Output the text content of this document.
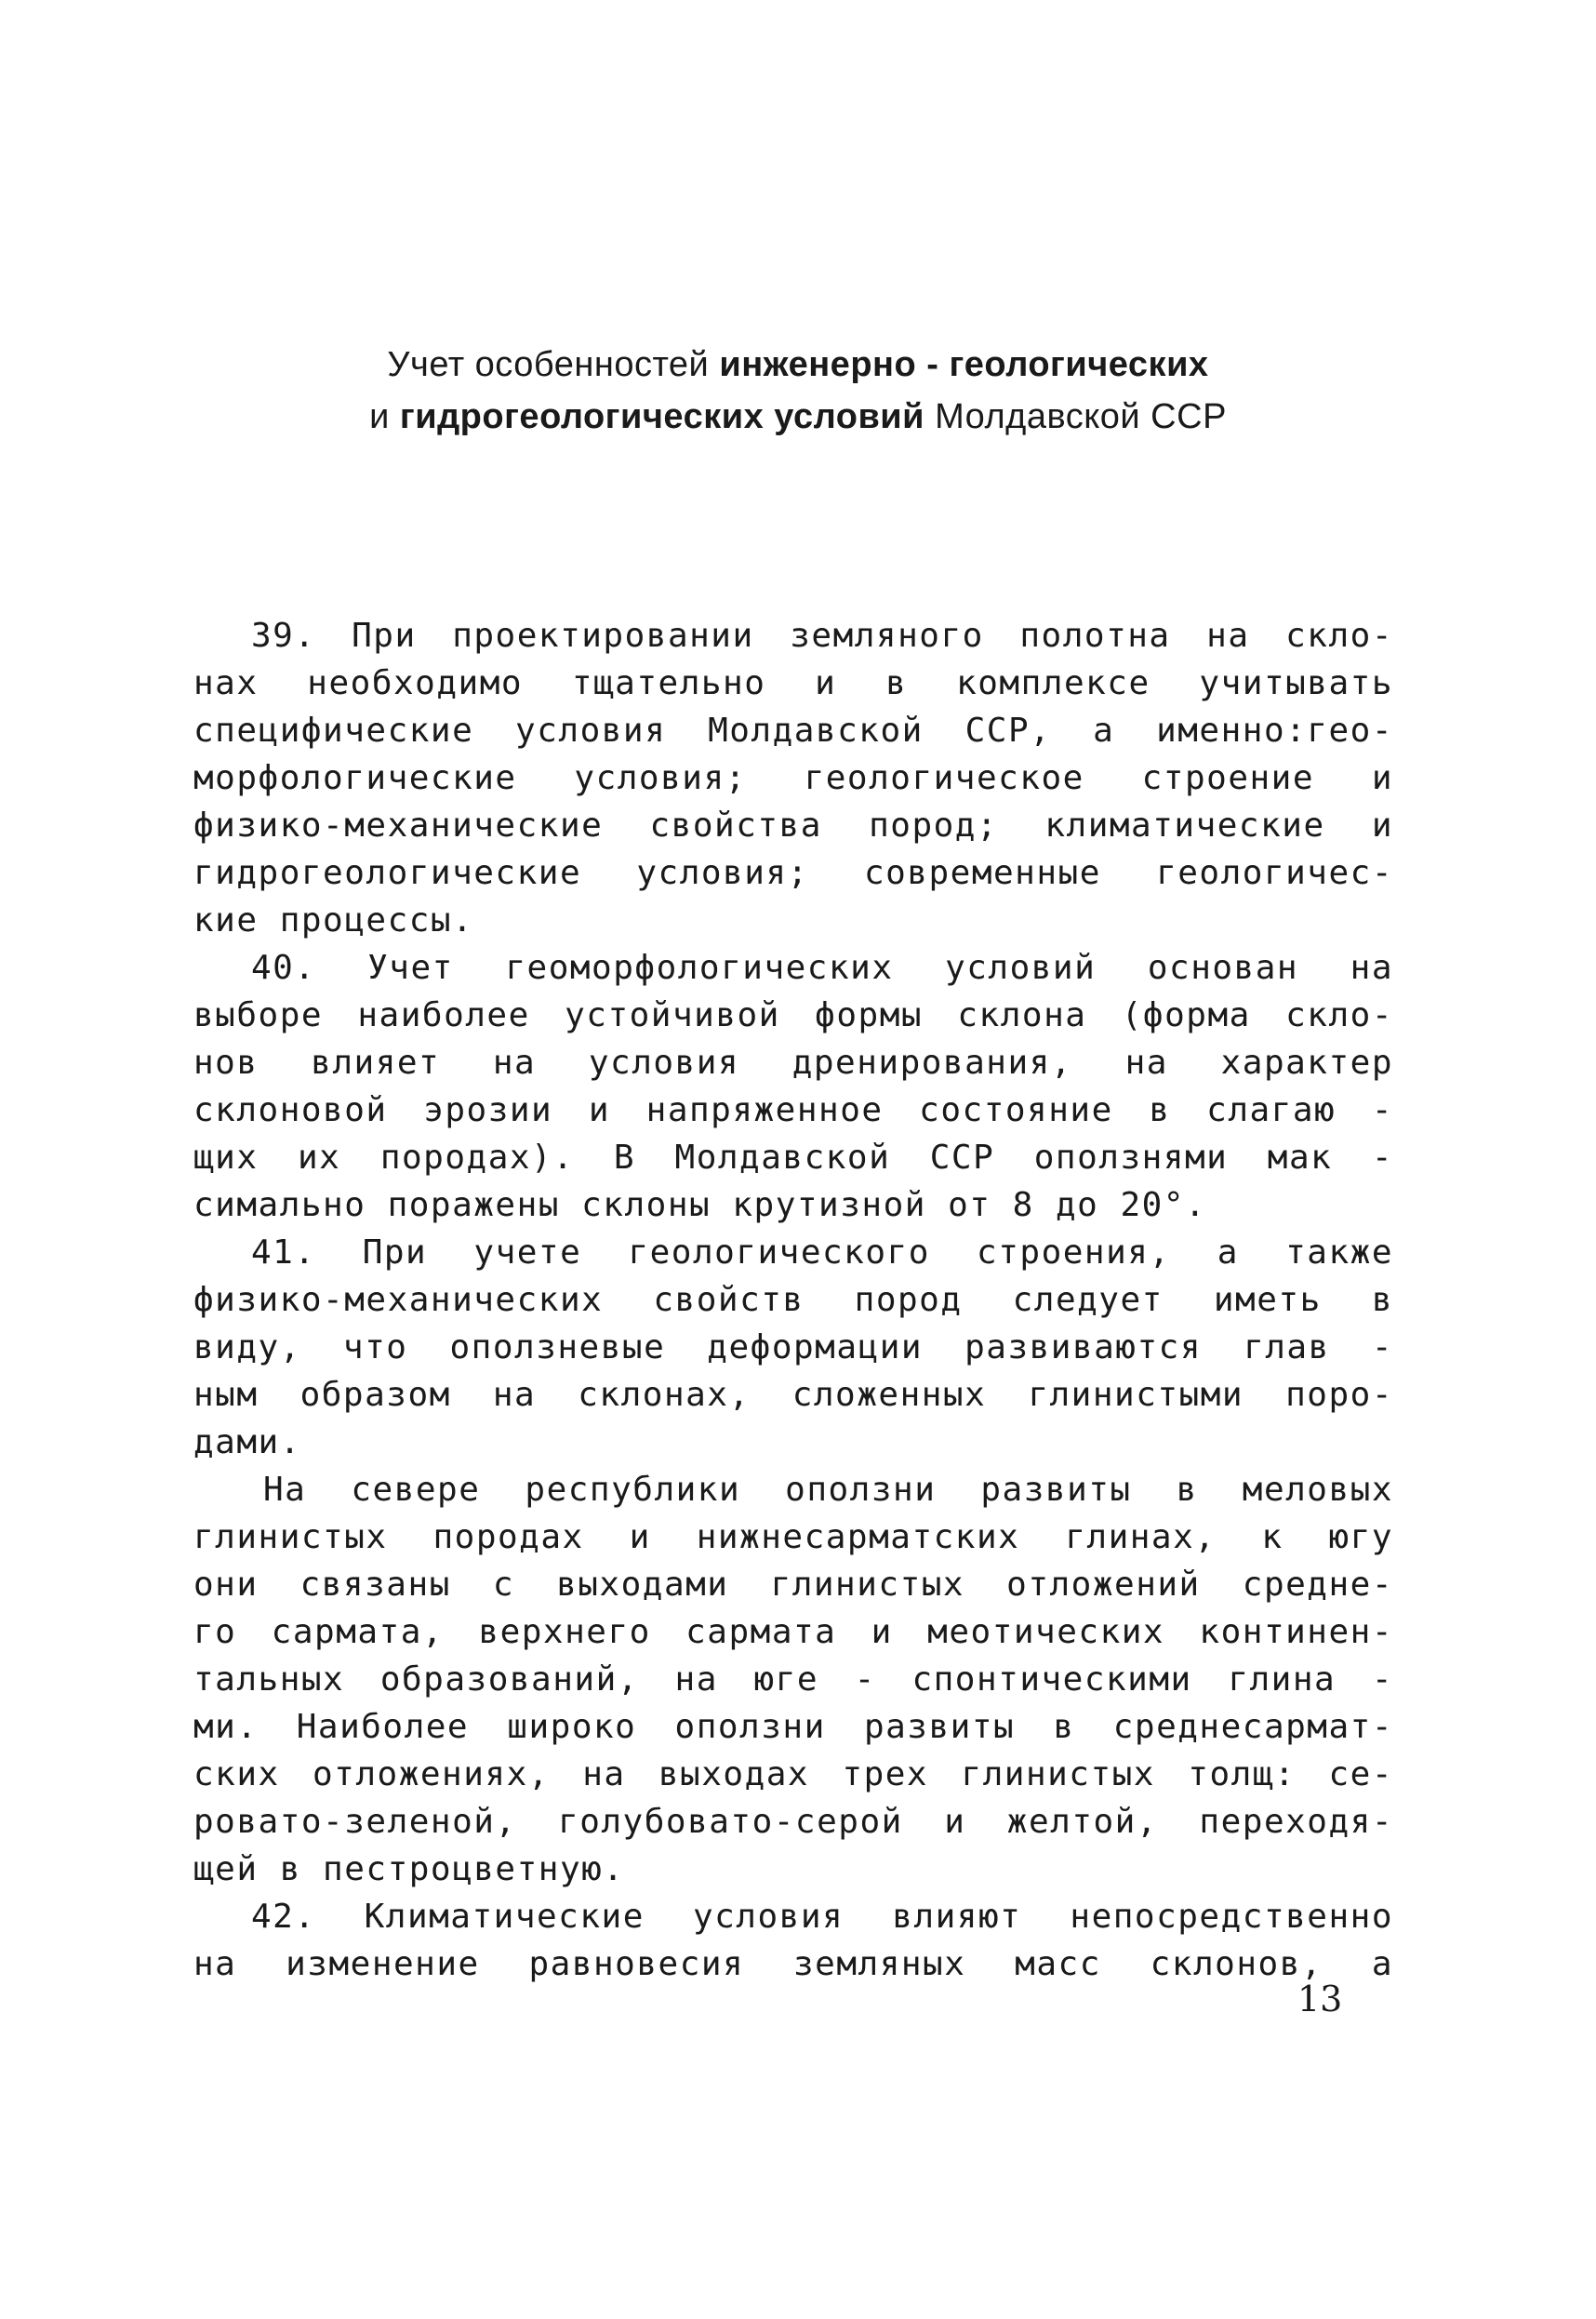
Учет особенностей инженерно - геологических
и гидрогеологических условий Молдавской ССР
39. При проектировании земляного полотна на скло-
нах необходимо тщательно и в комплексе учитывать
специфические условия Молдавской ССР, а именно:гео-
морфологические условия; геологическое строение и
физико-механические свойства пород; климатические и
гидрогеологические условия; современные геологичес-
кие процессы.
40. Учет геоморфологических условий основан на
выборе наиболее устойчивой формы склона (форма скло-
нов влияет на условия дренирования, на характер
склоновой эрозии и напряженное состояние в слагаю -
щих их породах). В Молдавской ССР оползнями мак -
симально поражены склоны крутизной от 8 до 20°.
41. При учете геологического строения, а также
физико-механических свойств пород следует иметь в
виду, что оползневые деформации развиваются глав -
ным образом на склонах, сложенных глинистыми поро-
дами.
На севере республики оползни развиты в меловых
глинистых породах и нижнесарматских глинах, к югу
они связаны с выходами глинистых отложений средне-
го сармата, верхнего сармата и меотических континен-
тальных образований, на юге - спонтическими глина -
ми. Наиболее широко оползни развиты в среднесармат-
ских отложениях, на выходах трех глинистых толщ: се-
ровато-зеленой, голубовато-серой и желтой, переходя-
щей в пестроцветную.
42. Климатические условия влияют непосредственно
на изменение равновесия земляных масс склонов, а
13
